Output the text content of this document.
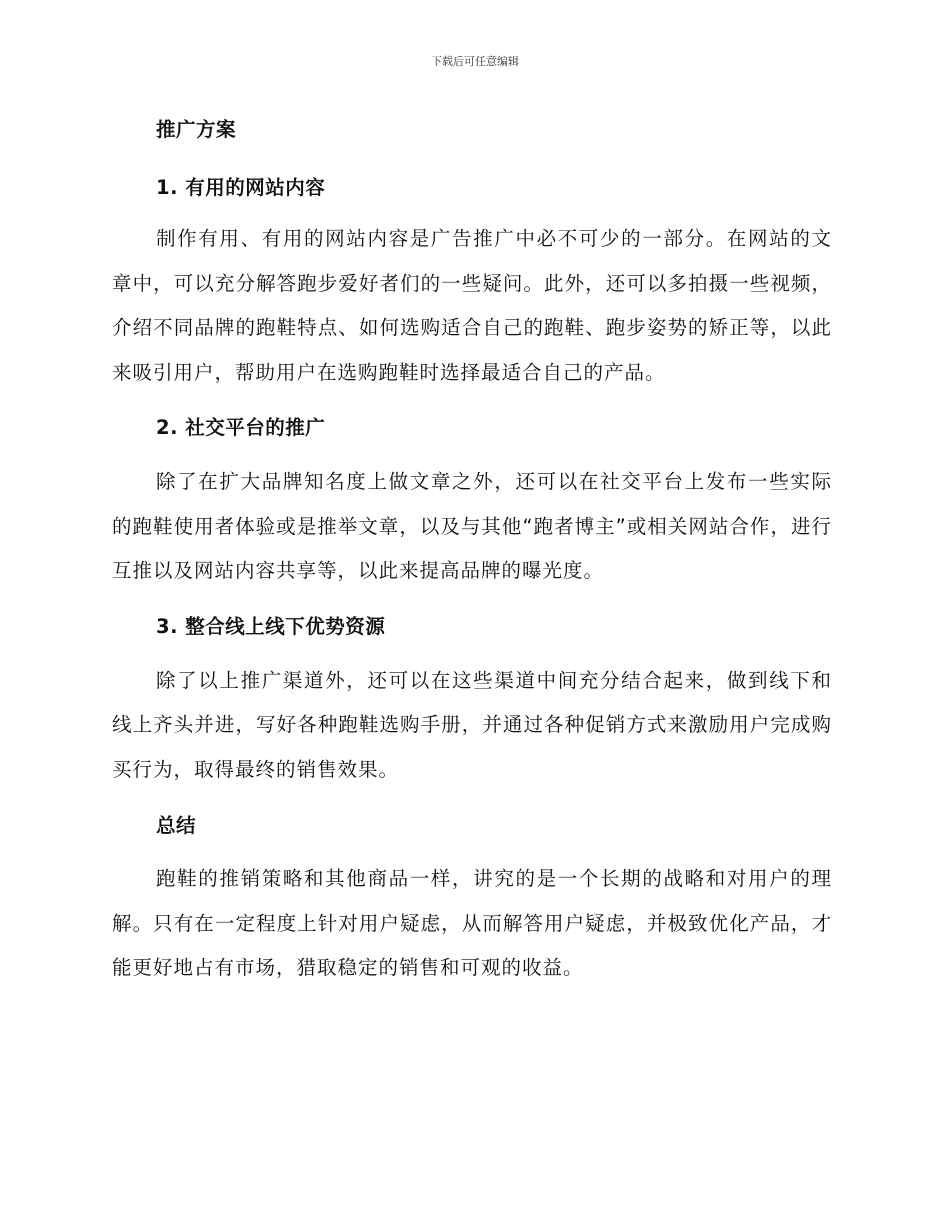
下载后可任意编辑
推广方案
1. 有用的网站内容

制作有用、有用的网站内容是广告推广中必不可少的一部分。在网站的文章中，可以充分解答跑步爱好者们的一些疑问。此外，还可以多拍摄一些视频，介绍不同品牌的跑鞋特点、如何选购适合自己的跑鞋、跑步姿势的矫正等，以此来吸引用户，帮助用户在选购跑鞋时选择最适合自己的产品。

2. 社交平台的推广

除了在扩大品牌知名度上做文章之外，还可以在社交平台上发布一些实际的跑鞋使用者体验或是推举文章，以及与其他“跑者博主”或相关网站合作，进行互推以及网站内容共享等，以此来提高品牌的曝光度。

3. 整合线上线下优势资源

除了以上推广渠道外，还可以在这些渠道中间充分结合起来，做到线下和线上齐头并进，写好各种跑鞋选购手册，并通过各种促销方式来激励用户完成购买行为，取得最终的销售效果。

总结

跑鞋的推销策略和其他商品一样，讲究的是一个长期的战略和对用户的理解。只有在一定程度上针对用户疑虑，从而解答用户疑虑，并极致优化产品，才能更好地占有市场，猎取稳定的销售和可观的收益。
